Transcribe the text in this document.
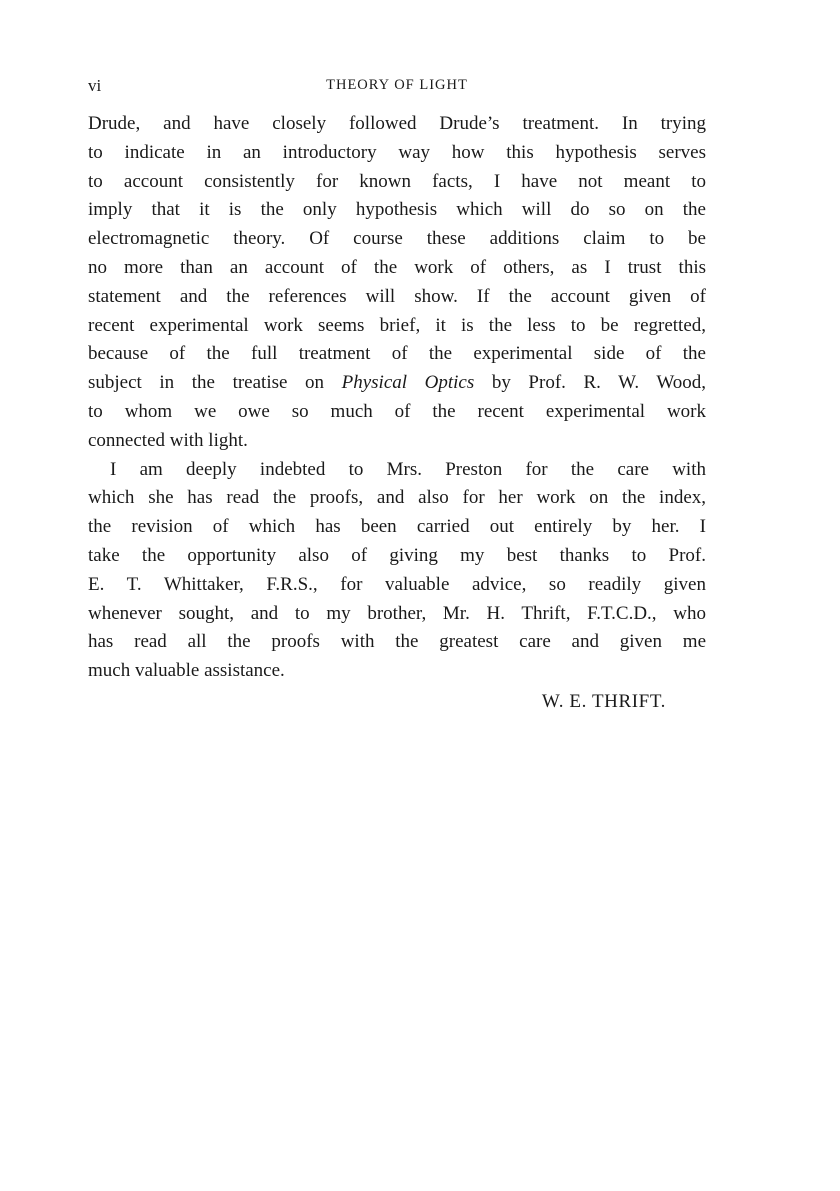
vi	THEORY OF LIGHT
Drude, and have closely followed Drude’s treatment. In trying
to indicate in an introductory way how this hypothesis serves
to account consistently for known facts, I have not meant to
imply that it is the only hypothesis which will do so on the
electromagnetic theory. Of course these additions claim to be
no more than an account of the work of others, as I trust this
statement and the references will show. If the account given of
recent experimental work seems brief, it is the less to be regretted,
because of the full treatment of the experimental side of the
subject in the treatise on Physical Optics by Prof. R. W. Wood,
to whom we owe so much of the recent experimental work
connected with light.
I am deeply indebted to Mrs. Preston for the care with
which she has read the proofs, and also for her work on the index,
the revision of which has been carried out entirely by her. I
take the opportunity also of giving my best thanks to Prof.
E. T. Whittaker, F.R.S., for valuable advice, so readily given
whenever sought, and to my brother, Mr. H. Thrift, F.T.C.D., who
has read all the proofs with the greatest care and given me
much valuable assistance.
W. E. THRIFT.
